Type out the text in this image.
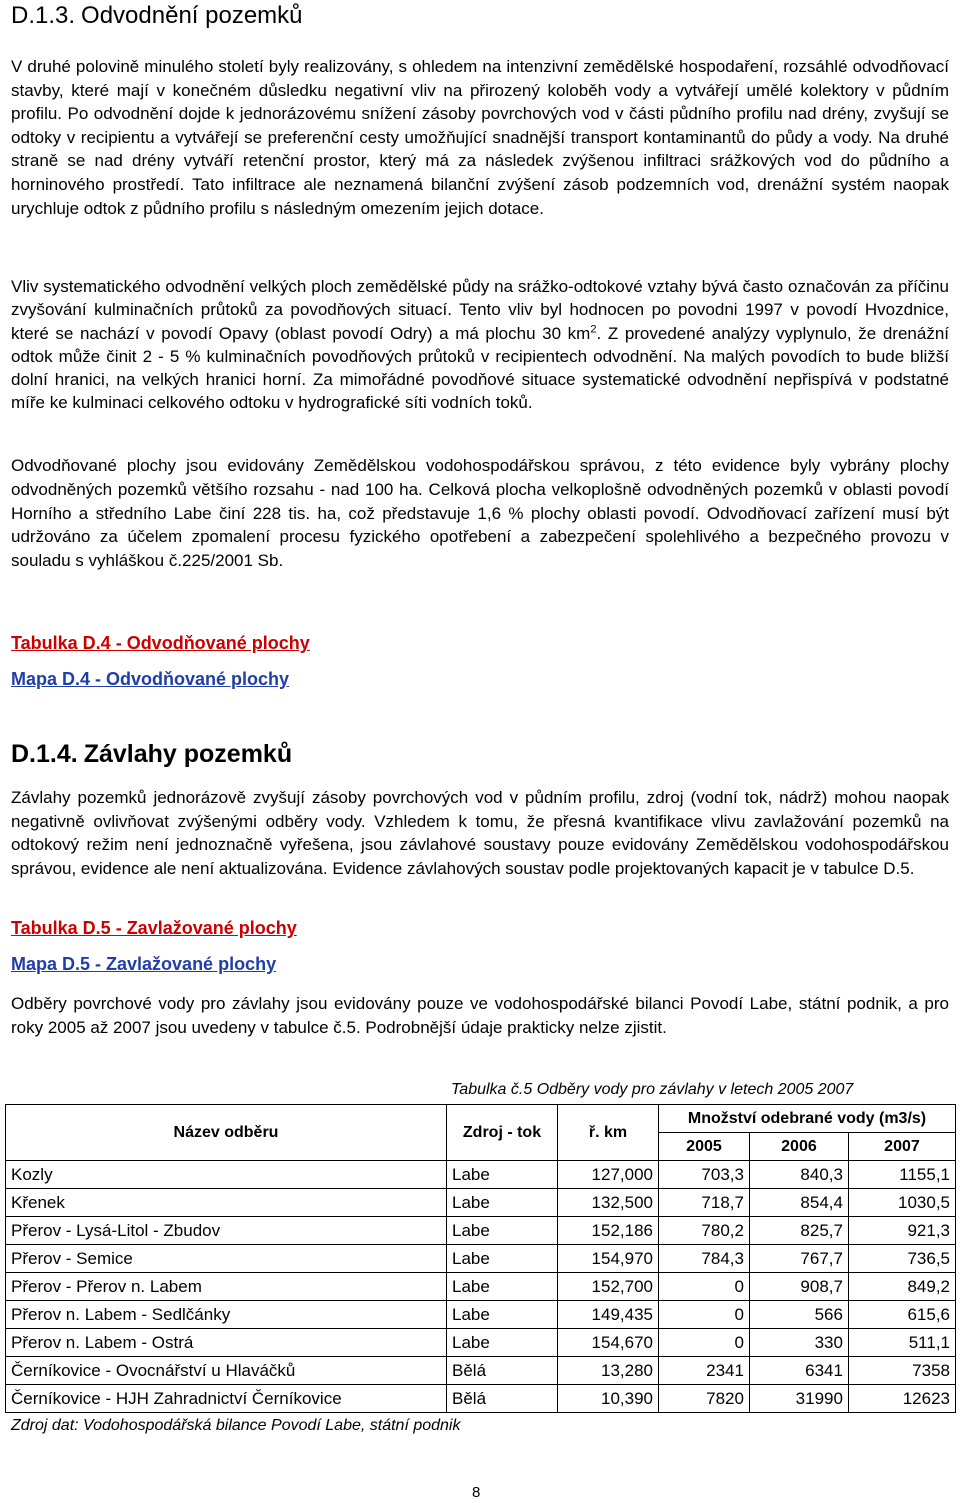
D.1.3. Odvodnění pozemků

V druhé polovině minulého století byly realizovány, s ohledem na intenzivní zemědělské hospodaření, rozsáhlé odvodňovací stavby, které mají v konečném důsledku negativní vliv na přirozený koloběh vody a vytvářejí umělé kolektory v půdním profilu. Po odvodnění dojde k jednorázovému snížení zásoby povrchových vod v části půdního profilu nad drény, zvyšují se odtoky v recipientu a vytvářejí se preferenční cesty umožňující snadnější transport kontaminantů do půdy a vody. Na druhé straně se nad drény vytváří retenční prostor, který má za následek zvýšenou infiltraci srážkových vod do půdního a horninového prostředí. Tato infiltrace ale neznamená bilanční zvýšení zásob podzemních vod, drenážní systém naopak urychluje odtok z půdního profilu s následným omezením jejich dotace.

Vliv systematického odvodnění velkých ploch zemědělské půdy na srážko-odtokové vztahy bývá často označován za příčinu zvyšování kulminačních průtoků za povodňových situací. Tento vliv byl hodnocen po povodni 1997 v povodí Hvozdnice, které se nachází v povodí Opavy (oblast povodí Odry) a má plochu 30 $km^2$. Z provedené analýzy vyplynulo, že drenážní odtok může činit 2 - 5 % kulminačních povodňových průtoků v recipientech odvodnění. Na malých povodích to bude bližší dolní hranici, na velkých hranici horní. Za mimořádné povodňové situace systematické odvodnění nepřispívá v podstatné míře ke kulminaci celkového odtoku v hydrografické síti vodních toků.

Odvodňované plochy jsou evidovány Zemědělskou vodohospodářskou správou, z této evidence byly vybrány plochy odvodněných pozemků většího rozsahu - nad 100 ha. Celková plocha velkoplošně odvodněných pozemků v oblasti povodí Horního a středního Labe činí 228 tis. ha, což představuje 1,6 % plochy oblasti povodí. Odvodňovací zařízení musí být udržováno za účelem zpomalení procesu fyzického opotřebení a zabezpečení spolehlivého a bezpečného provozu v souladu s vyhláškou č.225/2001 Sb.

Tabulka D.4 - Odvodňované plochy
Mapa D.4 - Odvodňované plochy
D.1.4. Závlahy pozemků

Závlahy pozemků jednorázově zvyšují zásoby povrchových vod v půdním profilu, zdroj (vodní tok, nádrž) mohou naopak negativně ovlivňovat zvýšenými odběry vody. Vzhledem k tomu, že přesná kvantifikace vlivu zavlažování pozemků na odtokový režim není jednoznačně vyřešena, jsou závlahové soustavy pouze evidovány Zemědělskou vodohospodářskou správou, evidence ale není aktualizována. Evidence závlahových soustav podle projektovaných kapacit je v tabulce D.5.

Tabulka D.5 - Zavlažované plochy
Mapa D.5 - Zavlažované plochy

Odběry povrchové vody pro závlahy jsou evidovány pouze ve vodohospodářské bilanci Povodí Labe, státní podnik, a pro roky 2005 až 2007 jsou uvedeny v tabulce č.5. Podrobnější údaje prakticky nelze zjistit.

Tabulka č.5 Odběry vody pro závlahy v letech 2005 2007
Název odběru	Zdroj - tok	ř. km	Množství odebrané vody (m3/s)		
			2005	2006	2007
Kozly	Labe	127,000	703,3	840,3	1155,1
Křenek	Labe	132,500	718,7	854,4	1030,5
Přerov - Lysá-Litol - Zbudov	Labe	152,186	780,2	825,7	921,3
Přerov - Semice	Labe	154,970	784,3	767,7	736,5
Přerov - Přerov n. Labem	Labe	152,700	0	908,7	849,2
Přerov n. Labem - Sedlčánky	Labe	149,435	0	566	615,6
Přerov n. Labem - Ostrá	Labe	154,670	0	330	511,1
Černíkovice - Ovocnářství u Hlaváčků	Bělá	13,280	2341	6341	7358
Černíkovice - HJH Zahradnictví Černíkovice	Bělá	10,390	7820	31990	12623
Zdroj dat: Vodohospodářská bilance Povodí Labe, státní podnik
8
